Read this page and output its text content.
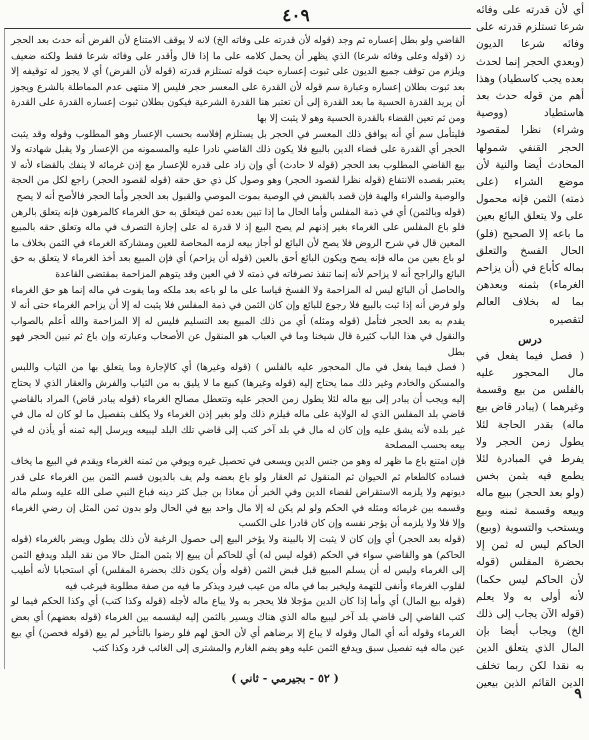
٤٠٩

القاضي ولو بطل إعساره ثم وجد (قوله لأن قدرته على وفاته الخ) لانه لا يوقف الامتناع لأن الفرض أنه حدث بعد الحجر زد (قوله وعلى وفائه شرعا) الذي يظهر أن يحمل كلامه على ما إذا قال وأقدر على وفائه شرعا فقط ولكنه ضعيف ويلزم من توقف جميع الديون على ثبوت إعساره حيث قوله تستلزم قدرته (قوله لأن الفرض) أي لا يجوز له توقيفه إلا بعد ثبوت بطلان إعساره وعبارة سم قوله لأن القدرة على المعسر حجر فليس إلا منتهى عدم المماطلة بالشرع ويجوز أن يريد القدرة الحسية ما بعد القدرة إلى أن تعتبر هنا القدرة الشرعية فيكون بطلان ثبوت إعساره القدرة على القدرة ومن ثم تعين القضاء بالقدرة الحسية وهو لا يثبت إلا بها

فليتأمل سم أي أنه يوافق ذلك المعسر في الحجر بل يستلزم إفلاسه بحسب الإعسار وهو المطلوب وقوله وقد يثبت الحجر أي القدرة على قضاء الدين بالبيع فلا يكون ذلك القاضي نادرا عليه والمسمونه من الإعسار ولا يقبل شهادته ولا بيع القاضي المطلوب بعد الحجر (قوله لا حادث) أي وإن زاد على قدره للإعسار مع إذن غرمائه لا ينفك بالقضاء لأنه لا يعتبر بقصده الانتفاع (قوله نظرا لقصود الحجر) وهو وصول كل ذي حق حقه (قوله لقصود الحجر) راجع لكل من الحجة والوصية والشراء والهبة فإن قصد بالقبض في الوصية بموت الموصي والقبول بعد الحجر وأما الحجر فالأصح أنه لا يصح

(قوله وبالثمن) أي في ذمة المفلس وأما الحال ما إذا تبين بعده ثمن فيتعلق به حق الغرماء كالمرهون فإنه يتعلق بالرهن فلو باع المفلس على الغرماء بغير إذنهم لم يصح البيع إذ لا قدرة له على إجازة التصرف في ماله وتعلق حقه بالمبيع المعين قال في شرح الروض فلا يصح لأن البائع لو أجاز بيعه لزمه المحاصة للعين ومشاركة الغرماء في الثمن بخلاف ما لو باع بعين من ماله فإنه يصح ويكون البائع أحق بالعين (قوله أن يزاحم) أي فإن المبيع بعد أخذ الغرماء لا يتعلق به حق البائع والراجح أنه لا يزاحم لأنه إنما تنفذ تصرفاته في ذمته لا في العين وقد يتوهم المزاحمة بمقتضى القاعدة

والحاصل أن البائع ليس له المزاحمة ولا الفسخ قياسا على ما لو باعه بعد ملكه وما يفوت في ماله إنما هو حق الغرماء ولو فرض أنه إذا ثبت بالبيع فلا رجوع للبائع وإن كان الثمن في ذمة المفلس فلا يثبت له إلا أن يزاحم الغرماء حتى أنه لا يقدم به بعد الحجر فتأمل (قوله ومثله) أي من ذلك المبيع بعد التسليم فليس له إلا المزاحمة والله أعلم بالصواب والنقول في هذا الباب كثيرة قال شيخنا وما في العباب هو المنقول عن الأصحاب وعبارته وإن باع ثم تبين الحجر فهو بطل

( فصل فيما يفعل في مال المحجور عليه بالفلس ) (قوله وغيرها) أي كالإجارة وما يتعلق بها من الثياب واللبس والمسكن والخادم وغير ذلك مما يحتاج إليه (قوله وغيرها) كبيع ما لا يليق به من الثياب والفرش والعقار الذي لا يحتاج إليه ويجب أن يبادر إلى بيع ماله لئلا يطول زمن الحجر عليه وتتعطل مصالح الغرماء (قوله يبادر قاض) المراد بالقاضي قاضي بلد المفلس الذي له الولاية على ماله فيلزم ذلك ولو بغير إذن الغرماء ولا يكلف بتفصيل ما لو كان له مال في غير بلده لأنه يشق عليه وإن كان له مال في بلد آخر كتب إلى قاضي تلك البلد ليبيعه ويرسل إليه ثمنه أو يأذن له في بيعه بحسب المصلحة

فإن امتنع باع ما ظهر له وهو من جنس الدين ويسعى في تحصيل غيره ويوفي من ثمنه الغرماء ويقدم في البيع ما يخاف فساده كالطعام ثم الحيوان ثم المنقول ثم العقار ولو باع بعضه ولم يف بالديون قسم الثمن بين الغرماء على قدر ديونهم ولا يلزمه الاستقراض لقضاء الدين وفي الخبر أن معاذا بن جبل كثر دينه فباع النبي صلى الله عليه وسلم ماله وقسمه بين غرمائه ومثله في الحكم ولو لم يكن له إلا مال واحد بيع في الحال ولو بدون ثمن المثل إن رضي الغرماء وإلا فلا ولا يلزمه أن يؤجر نفسه وإن كان قادرا على الكسب

(قوله بعد الحجر) أي وإن كان لا يثبت إلا بالبينة ولا يؤخر البيع إلى حصول الرغبة لأن ذلك يطول ويضر بالغرماء (قوله الحاكم) هو والقاضي سواء في الحكم (قوله ليس له) أي للحاكم أن يبيع إلا بثمن المثل حالا من نقد البلد ويدفع الثمن إلى الغرماء وليس له أن يسلم المبيع قبل قبض الثمن (قوله وأن يكون ذلك بحضرة المفلس) أي استحبابا لأنه أطيب لقلوب الغرماء وأنفى للتهمة وليخبر بما في ماله من عيب فيرد ويذكر ما فيه من صفة مطلوبة فيرغب فيه

(قوله بيع المال) أي وأما إذا كان الدين مؤجلا فلا يحجر به ولا يباع ماله لأجله (قوله وكذا كتب) أي وكذا الحكم فيما لو كتب القاضي إلى قاضي بلد آخر ليبيع ماله الذي هناك ويسير بالثمن إليه ليقسمه بين الغرماء (قوله بعضهم) أي بعض الغرماء وقوله أنه أي المال وقوله لا يباع إلا برضاهم أي لأن الحق لهم فلو رضوا بالتأخير لم يبع (قوله فحصن) أي بيع عين ماله فيه تفصيل سبق ويدفع الثمن عليه وهو يضم الغارم والمشترى إلى الغائب فرد وكذا كتب

أي لأن قدرته على وفائه شرعا تستلزم قدرته على وفائه شرعا الديون (وبعدي الحجر إنما لحدث بعده يجب كاسطياد) وهذا أهم من قوله حدث بعد هاستطياد (ووصية وشراء) نظرا لمقصود الحجر القنفي شمولها المحادث أيضا والنية لأن موضع الشراء (على ذمته) الثمن فإنه محمول على ولا يتعلق البائع بعين ما باعه إلا الصحيح (فلو) الحال الفسخ والتعلق بماله كأباع في (أن يزاحم الغرماء) بثمنه وبعدهن بما له بخلاف العالم لتقصيره

درس

( فصل فيما يفعل في مال المحجور عليه بالفلس من بيع وقسمة وغيرهما ) (يبادر قاض بيع ماله) بقدر الحاجة لئلا يطول زمن الحجر ولا يفرط في المبادرة لئلا يطمع فيه بثمن بخس (ولو بعد الحجر) ببيع ماله وبيعه وقسمة ثمنه وبيع ويستحب والتسوية (وبيع) الحاكم ليس له ثمن إلا بحضرة المفلس (قوله لأن الحاكم ليس حكما) لأنه أولى به ولا يعلم (قوله الآن يجاب إلى ذلك الخ) ويجاب أيضا بإن المال الذي يتعلق الدين به نقدا لكن ربما تخلف الدين القائم الذين بيعين

( ٥٢ - بجيرمي - ثاني )
٩
